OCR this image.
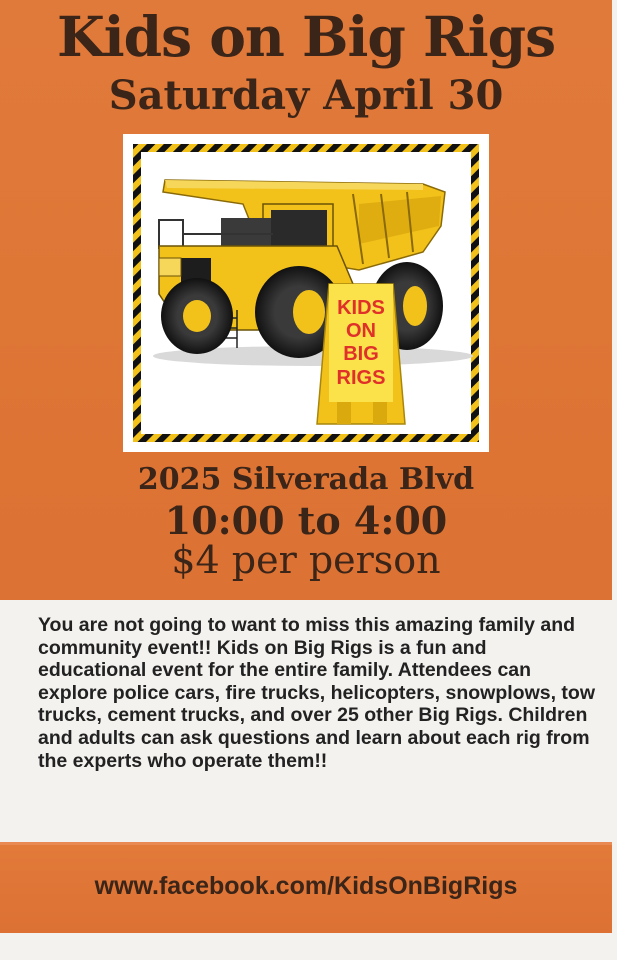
Kids on Big Rigs
Saturday April 30
KIDS
ON
BIG
RIGS
2025 Silverada Blvd
10:00 to 4:00
$4 per person
You are not going to want to miss this amazing family and community event!! Kids on Big Rigs is a fun and educational event for the entire family. Attendees can explore police cars, fire trucks, helicopters, snowplows, tow trucks, cement trucks, and over 25 other Big Rigs. Children and adults can ask questions and learn about each rig from the experts who operate them!!
www.facebook.com/KidsOnBigRigs
